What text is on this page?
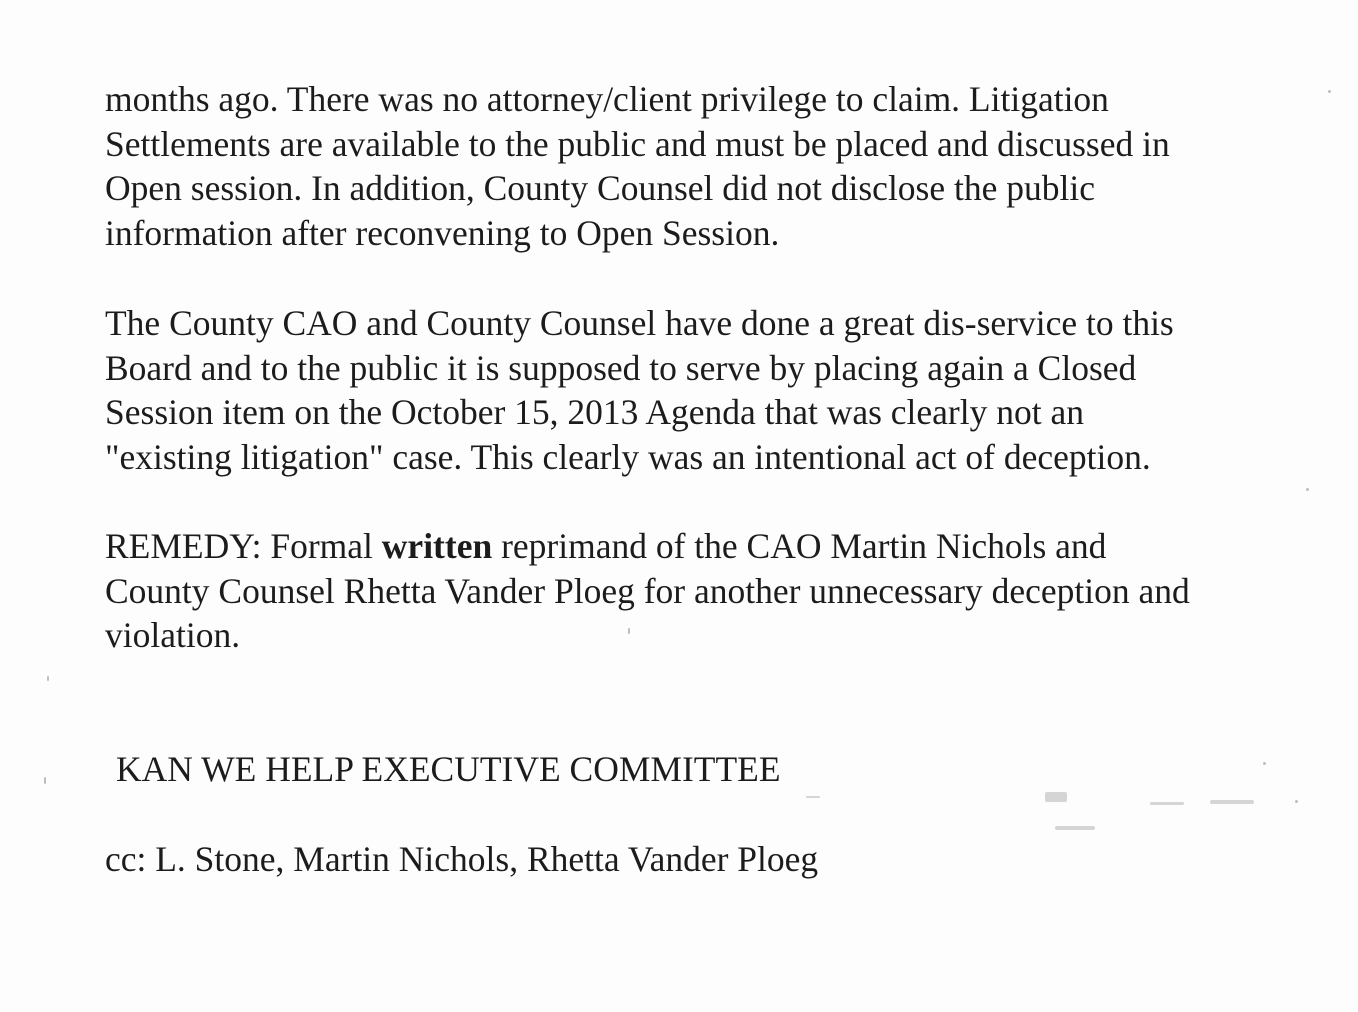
months ago. There was no attorney/client privilege to claim. Litigation
Settlements are available to the public and must be placed and discussed in
Open session. In addition, County Counsel did not disclose the public
information after reconvening to Open Session.
The County CAO and County Counsel have done a great dis-service to this
Board and to the public it is supposed to serve by placing again a Closed
Session item on the October 15, 2013 Agenda that was clearly not an
"existing litigation" case. This clearly was an intentional act of deception.
REMEDY: Formal written reprimand of the CAO Martin Nichols and
County Counsel Rhetta Vander Ploeg for another unnecessary deception and
violation.
KAN WE HELP EXECUTIVE COMMITTEE
cc: L. Stone, Martin Nichols, Rhetta Vander Ploeg
